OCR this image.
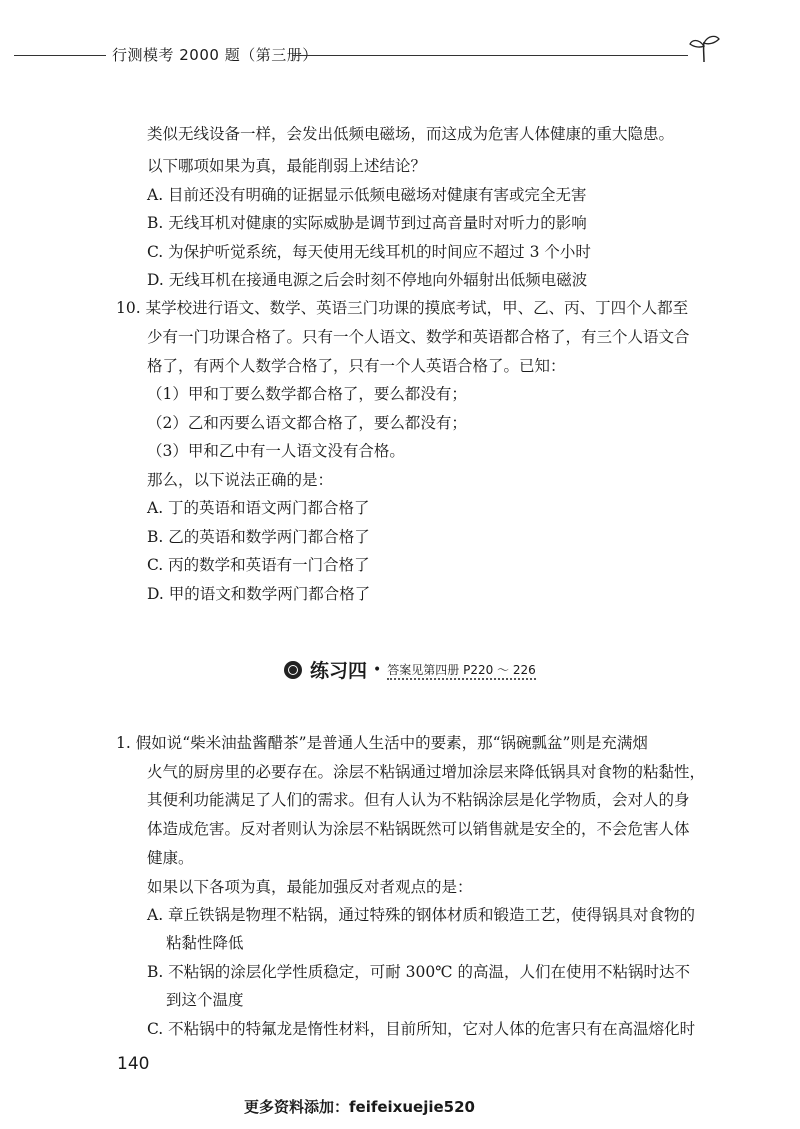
行测模考 2000 题（第三册）
类似无线设备一样，会发出低频电磁场，而这成为危害人体健康的重大隐患。
以下哪项如果为真，最能削弱上述结论？
A. 目前还没有明确的证据显示低频电磁场对健康有害或完全无害
B. 无线耳机对健康的实际威胁是调节到过高音量时对听力的影响
C. 为保护听觉系统，每天使用无线耳机的时间应不超过 3 个小时
D. 无线耳机在接通电源之后会时刻不停地向外辐射出低频电磁波
10. 某学校进行语文、数学、英语三门功课的摸底考试，甲、乙、丙、丁四个人都至
少有一门功课合格了。只有一个人语文、数学和英语都合格了，有三个人语文合
格了，有两个人数学合格了，只有一个人英语合格了。已知：
（1）甲和丁要么数学都合格了，要么都没有；
（2）乙和丙要么语文都合格了，要么都没有；
（3）甲和乙中有一人语文没有合格。
那么，以下说法正确的是：
A. 丁的英语和语文两门都合格了
B. 乙的英语和数学两门都合格了
C. 丙的数学和英语有一门合格了
D. 甲的语文和数学两门都合格了
练习四 • 答案见第四册 P220 ～ 226
1. 假如说“柴米油盐酱醋茶”是普通人生活中的要素，那“锅碗瓢盆”则是充满烟
火气的厨房里的必要存在。涂层不粘锅通过增加涂层来降低锅具对食物的粘黏性，
其便利功能满足了人们的需求。但有人认为不粘锅涂层是化学物质，会对人的身
体造成危害。反对者则认为涂层不粘锅既然可以销售就是安全的，不会危害人体
健康。
如果以下各项为真，最能加强反对者观点的是：
A. 章丘铁锅是物理不粘锅，通过特殊的钢体材质和锻造工艺，使得锅具对食物的
粘黏性降低
B. 不粘锅的涂层化学性质稳定，可耐 300℃ 的高温，人们在使用不粘锅时达不
到这个温度
C. 不粘锅中的特氟龙是惰性材料，目前所知，它对人体的危害只有在高温熔化时
140
更多资料添加：feifeixuejie520
